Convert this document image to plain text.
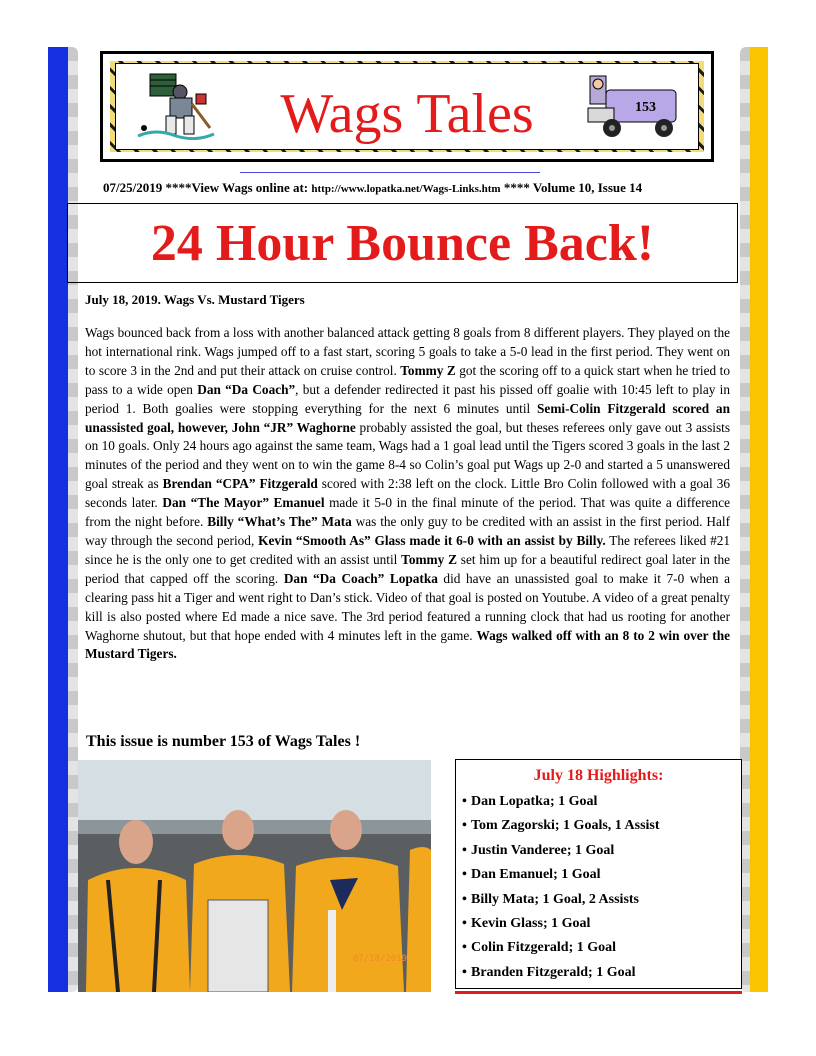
Wags Tales	153
07/25/2019 ****View Wags online at: http://www.lopatka.net/Wags-Links.htm **** Volume 10, Issue 14
24 Hour Bounce Back!
July 18, 2019. Wags Vs. Mustard Tigers

Wags bounced back from a loss with another balanced attack getting 8 goals from 8 different players. They played on the hot international rink. Wags jumped off to a fast start, scoring 5 goals to take a 5-0 lead in the first period. They went on to score 3 in the 2nd and put their attack on cruise control. Tommy Z got the scoring off to a quick start when he tried to pass to a wide open Dan “Da Coach”, but a defender redirected it past his pissed off goalie with 10:45 left to play in period 1. Both goalies were stopping everything for the next 6 minutes until Semi-Colin Fitzgerald scored an unassisted goal, however, John “JR” Waghorne probably assisted the goal, but theses referees only gave out 3 assists on 10 goals. Only 24 hours ago against the same team, Wags had a 1 goal lead until the Tigers scored 3 goals in the last 2 minutes of the period and they went on to win the game 8-4 so Colin’s goal put Wags up 2-0 and started a 5 unanswered goal streak as Brendan “CPA” Fitzgerald scored with 2:38 left on the clock. Little Bro Colin followed with a goal 36 seconds later. Dan “The Mayor” Emanuel made it 5-0 in the final minute of the period. That was quite a difference from the night before. Billy “What’s The” Mata was the only guy to be credited with an assist in the first period. Half way through the second period, Kevin “Smooth As” Glass made it 6-0 with an assist by Billy. The referees liked #21 since he is the only one to get credited with an assist until Tommy Z set him up for a beautiful redirect goal later in the period that capped off the scoring. Dan “Da Coach” Lopatka did have an unassisted goal to make it 7-0 when a clearing pass hit a Tiger and went right to Dan’s stick. Video of that goal is posted on Youtube. A video of a great penalty kill is also posted where Ed made a nice save. The 3rd period featured a running clock that had us rooting for another Waghorne shutout, but that hope ended with 4 minutes left in the game. Wags walked off with an 8 to 2 win over the Mustard Tigers.

This issue is number 153 of Wags Tales !
07/18/2019
July 18 Highlights:
• Dan Lopatka; 1 Goal
• Tom Zagorski; 1 Goals, 1 Assist
• Justin Vanderee; 1 Goal
• Dan Emanuel; 1 Goal
• Billy Mata; 1 Goal, 2 Assists
• Kevin Glass; 1 Goal
• Colin Fitzgerald; 1 Goal
• Branden Fitzgerald; 1 Goal
